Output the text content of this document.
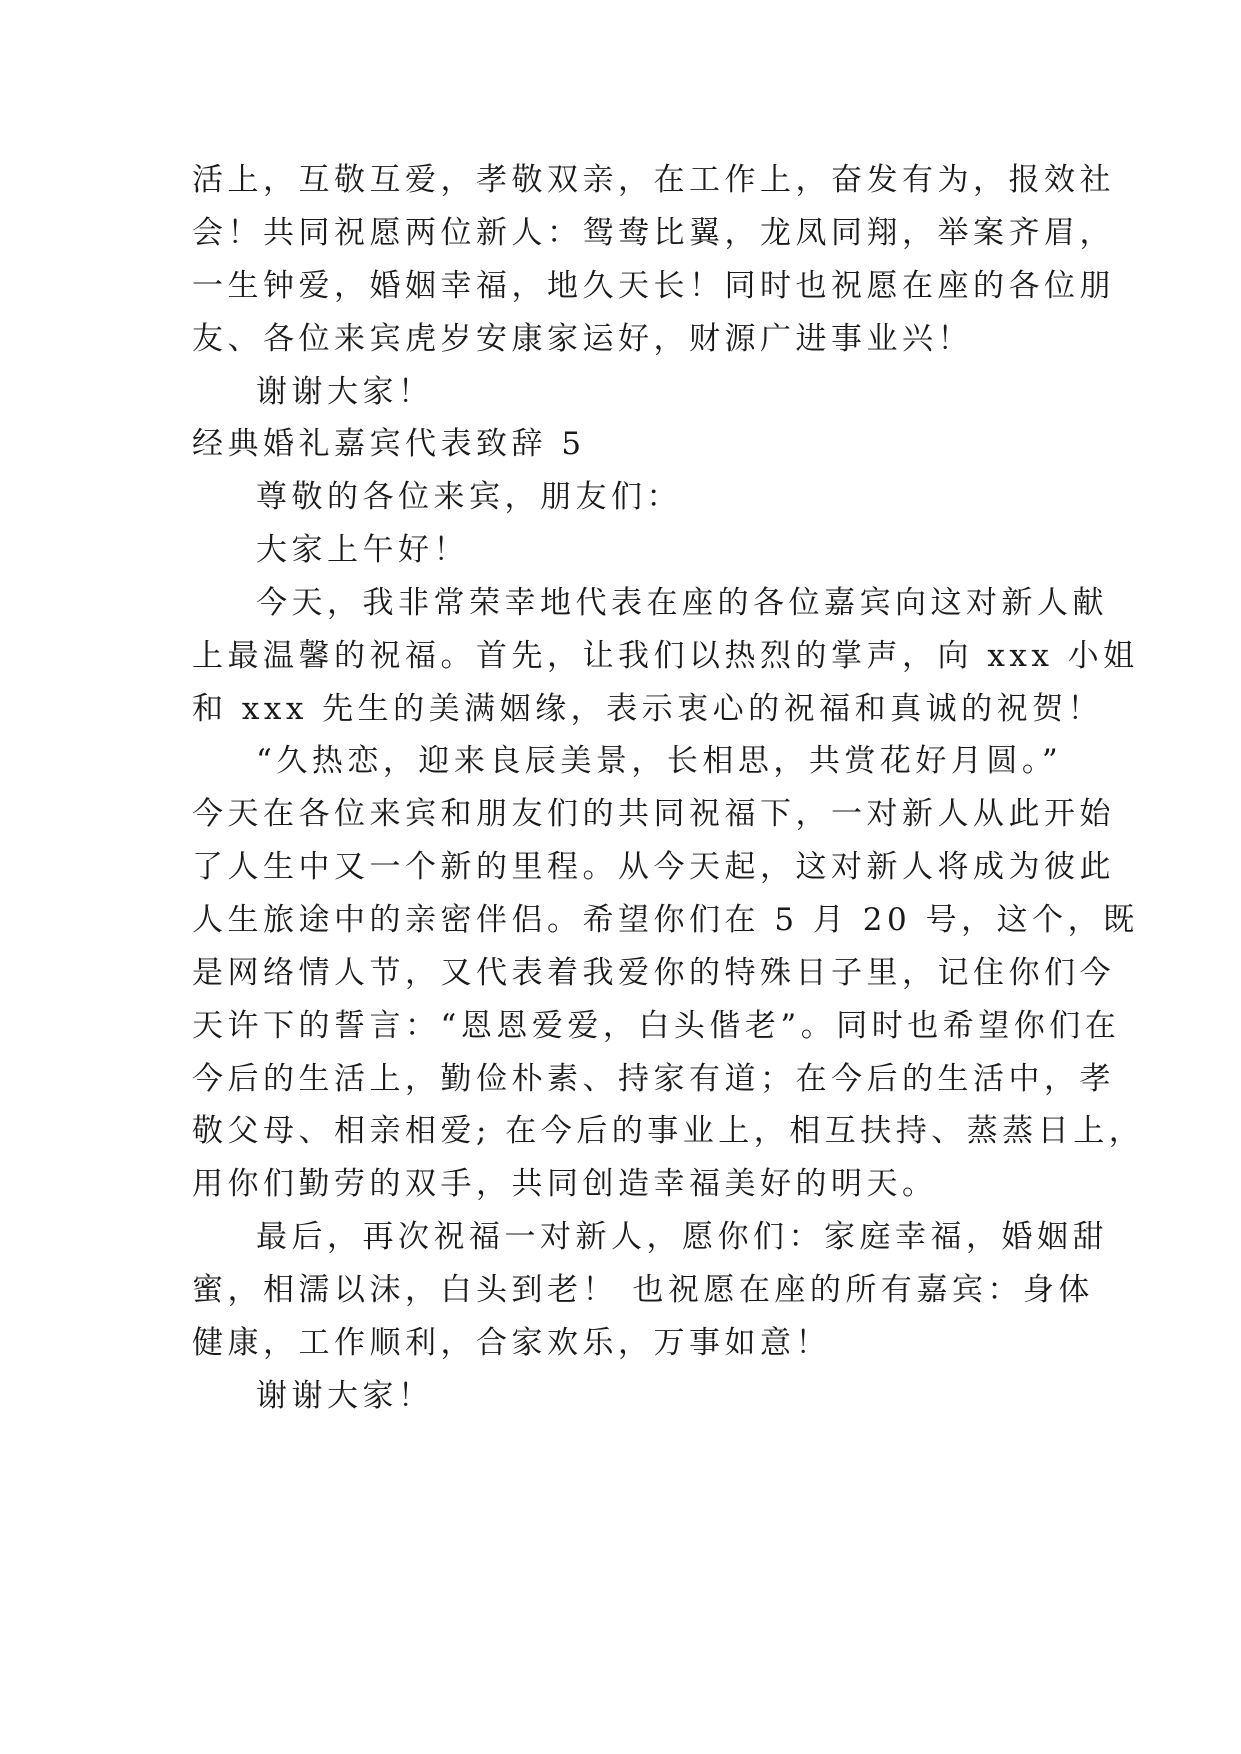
活上，互敬互爱，孝敬双亲，在工作上，奋发有为，报效社
会！共同祝愿两位新人：鸳鸯比翼，龙凤同翔，举案齐眉，
一生钟爱，婚姻幸福，地久天长！同时也祝愿在座的各位朋
友、各位来宾虎岁安康家运好，财源广进事业兴！
谢谢大家！
经典婚礼嘉宾代表致辞 5
尊敬的各位来宾，朋友们：
大家上午好！
今天，我非常荣幸地代表在座的各位嘉宾向这对新人献
上最温馨的祝福。首先，让我们以热烈的掌声，向 xxx 小姐
和 xxx 先生的美满姻缘，表示衷心的祝福和真诚的祝贺！
“久热恋，迎来良辰美景，长相思，共赏花好月圆。”
今天在各位来宾和朋友们的共同祝福下，一对新人从此开始
了人生中又一个新的里程。从今天起，这对新人将成为彼此
人生旅途中的亲密伴侣。希望你们在 5 月 20 号，这个，既
是网络情人节，又代表着我爱你的特殊日子里，记住你们今
天许下的誓言：“恩恩爱爱，白头偕老”。同时也希望你们在
今后的生活上，勤俭朴素、持家有道；在今后的生活中，孝
敬父母、相亲相爱; 在今后的事业上，相互扶持、蒸蒸日上，
用你们勤劳的双手，共同创造幸福美好的明天。
最后，再次祝福一对新人，愿你们：家庭幸福，婚姻甜
蜜，相濡以沫，白头到老！ 也祝愿在座的所有嘉宾：身体
健康，工作顺利，合家欢乐，万事如意！
谢谢大家！
